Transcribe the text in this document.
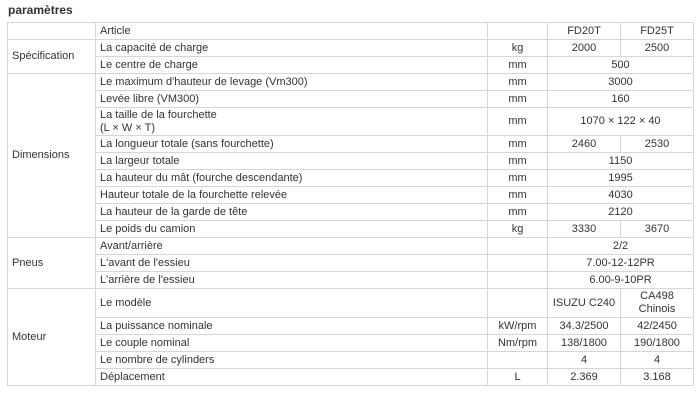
paramètres
	Article		FD20T	FD25T
Spécification	La capacité de charge	kg	2000	2500
	Le centre de charge	mm	500	
Dimensions	Le maximum d'hauteur de levage (Vm300)	mm	3000	
	Levée libre (VM300)	mm	160	

	La taille de la fourchette
(L × W × T)	mm	1070 × 122 × 40	
	La longueur totale (sans fourchette)	mm	2460	2530
	La largeur totale	mm	1150	
	La hauteur du mât (fourche descendante)	mm	1995	
	Hauteur totale de la fourchette relevée	mm	4030	
	La hauteur de la garde de tête	mm	2120	
	Le poids du camion	kg	3330	3670
Pneus	Avant/arrière		2/2	
	L'avant de l'essieu		7.00-12-12PR	
	L'arrière de l'essieu		6.00-9-10PR	
Moteur	Le modèle		ISUZU C240	CA498
Chinois

	La puissance nominale	kW/rpm	34.3/2500	42/2450
	Le couple nominal	Nm/rpm	138/1800	190/1800
	Le nombre de cylinders		4	4
	Déplacement	L	2.369	3.168
